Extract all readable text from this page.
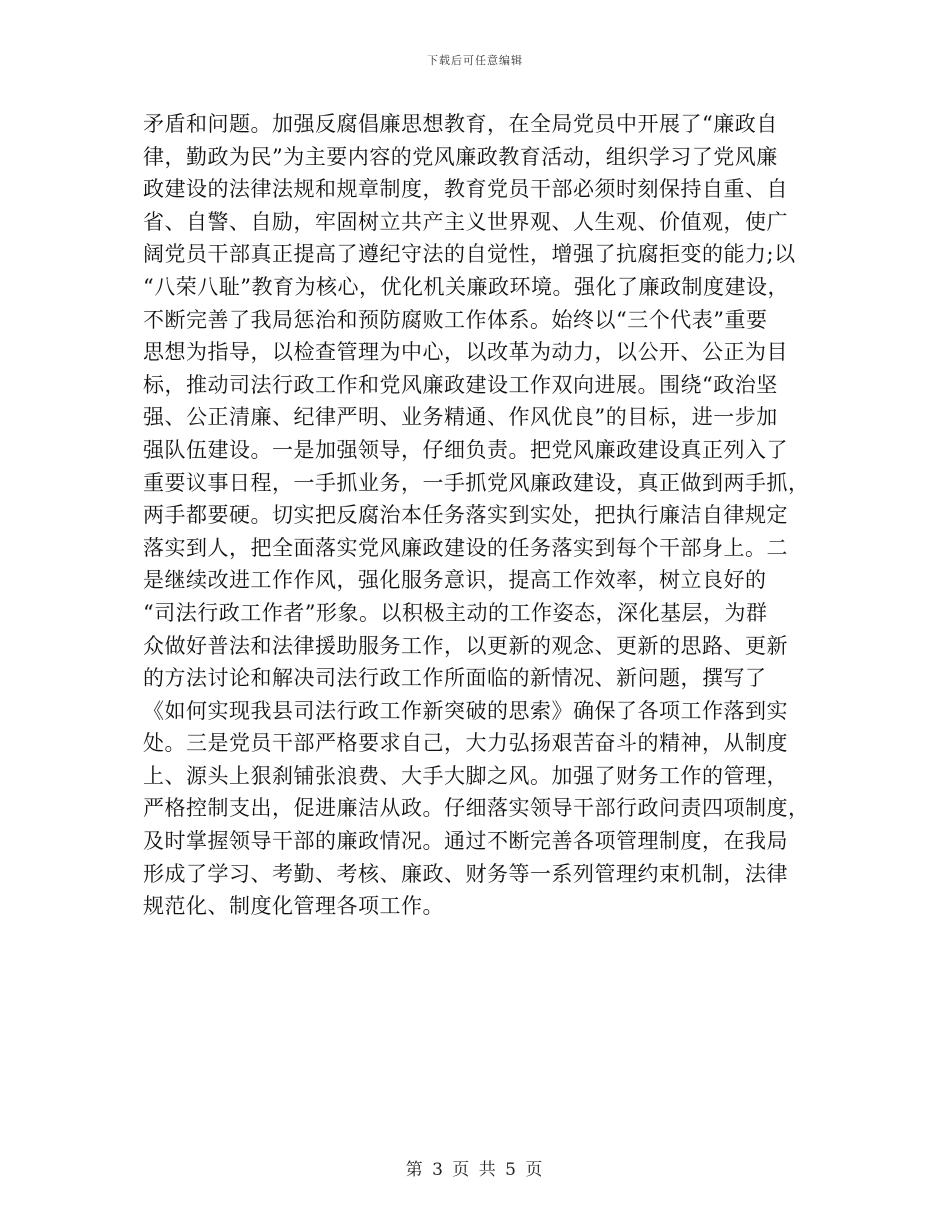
下载后可任意编辑
矛盾和问题。加强反腐倡廉思想教育，在全局党员中开展了“廉政自
律，勤政为民”为主要内容的党风廉政教育活动，组织学习了党风廉
政建设的法律法规和规章制度，教育党员干部必须时刻保持自重、自
省、自警、自励，牢固树立共产主义世界观、人生观、价值观，使广
阔党员干部真正提高了遵纪守法的自觉性，增强了抗腐拒变的能力;以
“八荣八耻”教育为核心，优化机关廉政环境。强化了廉政制度建设，
不断完善了我局惩治和预防腐败工作体系。始终以“三个代表”重要
思想为指导，以检查管理为中心，以改革为动力，以公开、公正为目
标，推动司法行政工作和党风廉政建设工作双向进展。围绕“政治坚
强、公正清廉、纪律严明、业务精通、作风优良”的目标，进一步加
强队伍建设。一是加强领导，仔细负责。把党风廉政建设真正列入了
重要议事日程，一手抓业务，一手抓党风廉政建设，真正做到两手抓，
两手都要硬。切实把反腐治本任务落实到实处，把执行廉洁自律规定
落实到人，把全面落实党风廉政建设的任务落实到每个干部身上。二
是继续改进工作作风，强化服务意识，提高工作效率，树立良好的
“司法行政工作者”形象。以积极主动的工作姿态，深化基层，为群
众做好普法和法律援助服务工作，以更新的观念、更新的思路、更新
的方法讨论和解决司法行政工作所面临的新情况、新问题，撰写了
《如何实现我县司法行政工作新突破的思索》确保了各项工作落到实
处。三是党员干部严格要求自己，大力弘扬艰苦奋斗的精神，从制度
上、源头上狠刹铺张浪费、大手大脚之风。加强了财务工作的管理，
严格控制支出，促进廉洁从政。仔细落实领导干部行政问责四项制度，
及时掌握领导干部的廉政情况。通过不断完善各项管理制度，在我局
形成了学习、考勤、考核、廉政、财务等一系列管理约束机制，法律
规范化、制度化管理各项工作。
第 3 页 共 5 页
